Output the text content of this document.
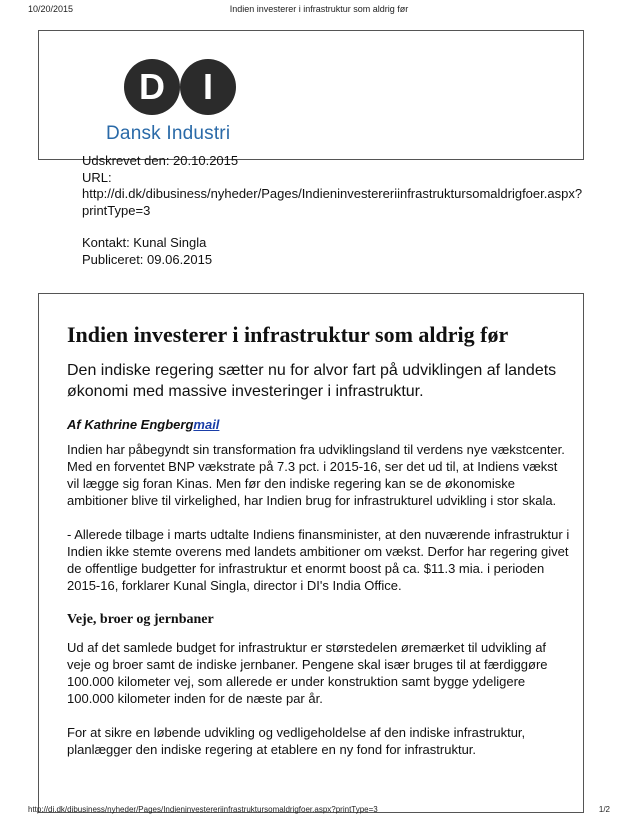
10/20/2015	Indien investerer i infrastruktur som aldrig før
D I
Dansk Industri
Udskrevet den: 20.10.2015
URL:
http://di.dk/dibusiness/nyheder/Pages/Indieninvestereriinfrastruktursomaldrigfoer.aspx?
printType=3
Kontakt: Kunal Singla
Publiceret: 09.06.2015
Indien investerer i infrastruktur som aldrig før

Den indiske regering sætter nu for alvor fart på udviklingen af landets økonomi med massive investeringer i infrastruktur.

Af Kathrine Engbergmail

Indien har påbegyndt sin transformation fra udviklingsland til verdens nye vækstcenter. Med en forventet BNP vækstrate på 7.3 pct. i 2015-16, ser det ud til, at Indiens vækst vil lægge sig foran Kinas. Men før den indiske regering kan se de økonomiske ambitioner blive til virkelighed, har Indien brug for infrastrukturel udvikling i stor skala.

- Allerede tilbage i marts udtalte Indiens finansminister, at den nuværende infrastruktur i Indien ikke stemte overens med landets ambitioner om vækst. Derfor har regering givet de offentlige budgetter for infrastruktur et enormt boost på ca. $11.3 mia. i perioden 2015-16, forklarer Kunal Singla, director i DI's India Office.

Veje, broer og jernbaner

Ud af det samlede budget for infrastruktur er størstedelen øremærket til udvikling af veje og broer samt de indiske jernbaner. Pengene skal især bruges til at færdiggøre 100.000 kilometer vej, som allerede er under konstruktion samt bygge ydeligere 100.000 kilometer inden for de næste par år.

For at sikre en løbende udvikling og vedligeholdelse af den indiske infrastruktur, planlægger den indiske regering at etablere en ny fond for infrastruktur.

http://di.dk/dibusiness/nyheder/Pages/Indieninvestereriinfrastruktursomaldrigfoer.aspx?printType=3	1/2
